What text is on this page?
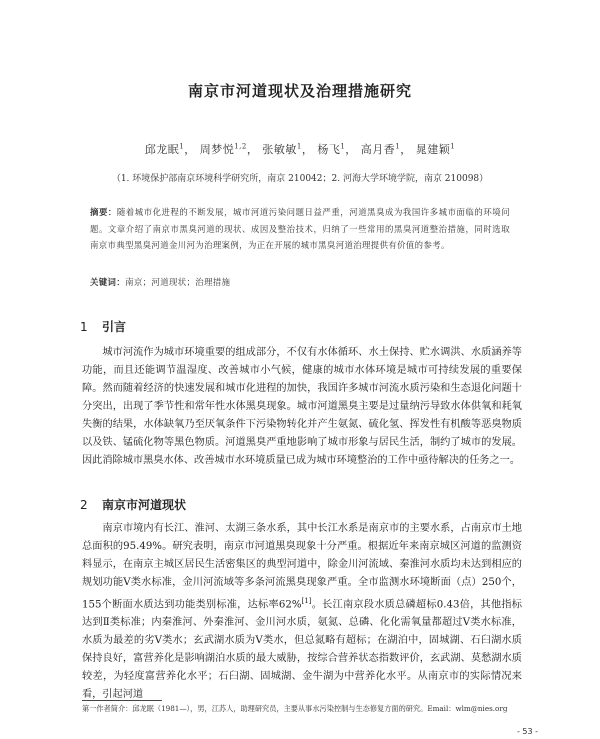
南京市河道现状及治理措施研究
邱龙眠$^1$， 周梦悦$^{1,2}$， 张敏敏$^1$， 杨飞$^1$， 高月香$^1$， 晁建颖$^1$
（1. 环境保护部南京环境科学研究所，南京 210042；2. 河海大学环境学院，南京 210098）
摘要：随着城市化进程的不断发展，城市河道污染问题日益严重，河道黑臭成为我国许多城市面临的环境问题。文章介绍了南京市黑臭河道的现状、成因及整治技术，归纳了一些常用的黑臭河道整治措施，同时选取南京市典型黑臭河道金川河为治理案例，为正在开展的城市黑臭河道治理提供有价值的参考。
关键词：南京；河道现状；治理措施
1 引言
城市河流作为城市环境重要的组成部分，不仅有水体循环、水土保持、贮水调洪、水质涵养等功能，而且还能调节温湿度、改善城市小气候，健康的城市水体环境是城市可持续发展的重要保障。然而随着经济的快速发展和城市化进程的加快，我国许多城市河流水质污染和生态退化问题十分突出，出现了季节性和常年性水体黑臭现象。城市河道黑臭主要是过量纳污导致水体供氧和耗氧失衡的结果，水体缺氧乃至厌氧条件下污染物转化并产生氨氮、硫化氢、挥发性有机酸等恶臭物质以及铁、锰硫化物等黑色物质。河道黑臭严重地影响了城市形象与居民生活，制约了城市的发展。因此消除城市黑臭水体、改善城市水环境质量已成为城市环境整治的工作中亟待解决的任务之一。
2 南京市河道现状
南京市境内有长江、淮河、太湖三条水系，其中长江水系是南京市的主要水系，占南京市土地总面积的95.49%。研究表明，南京市河道黑臭现象十分严重。根据近年来南京城区河道的监测资料显示，在南京主城区居民生活密集区的典型河道中，除金川河流域、秦淮河水质均未达到相应的规划功能Ⅴ类水标准，金川河流域等多条河流黑臭现象严重。全市监测水环境断面（点）250个，155个断面水质达到功能类别标准，达标率62%[1]。长江南京段水质总磷超标0.43倍，其他指标达到Ⅱ类标准；内秦淮河、外秦淮河、金川河水质，氨氮、总磷、化化需氧量都超过Ⅴ类水标准，水质为最差的劣Ⅴ类水；玄武湖水质为Ⅴ类水，但总氮略有超标；在湖泊中，固城湖、石臼湖水质保持良好，富营养化是影响湖泊水质的最大威胁，按综合营养状态指数评价，玄武湖、莫愁湖水质较差，为轻度富营养化水平；石臼湖、固城湖、金牛湖为中营养化水平。从南京市的实际情况来看，引起河道
第一作者简介：邱龙眠（1981—），男，江苏人，助理研究员，主要从事水污染控制与生态修复方面的研究。Email：wlm@nies.org
- 53 -
